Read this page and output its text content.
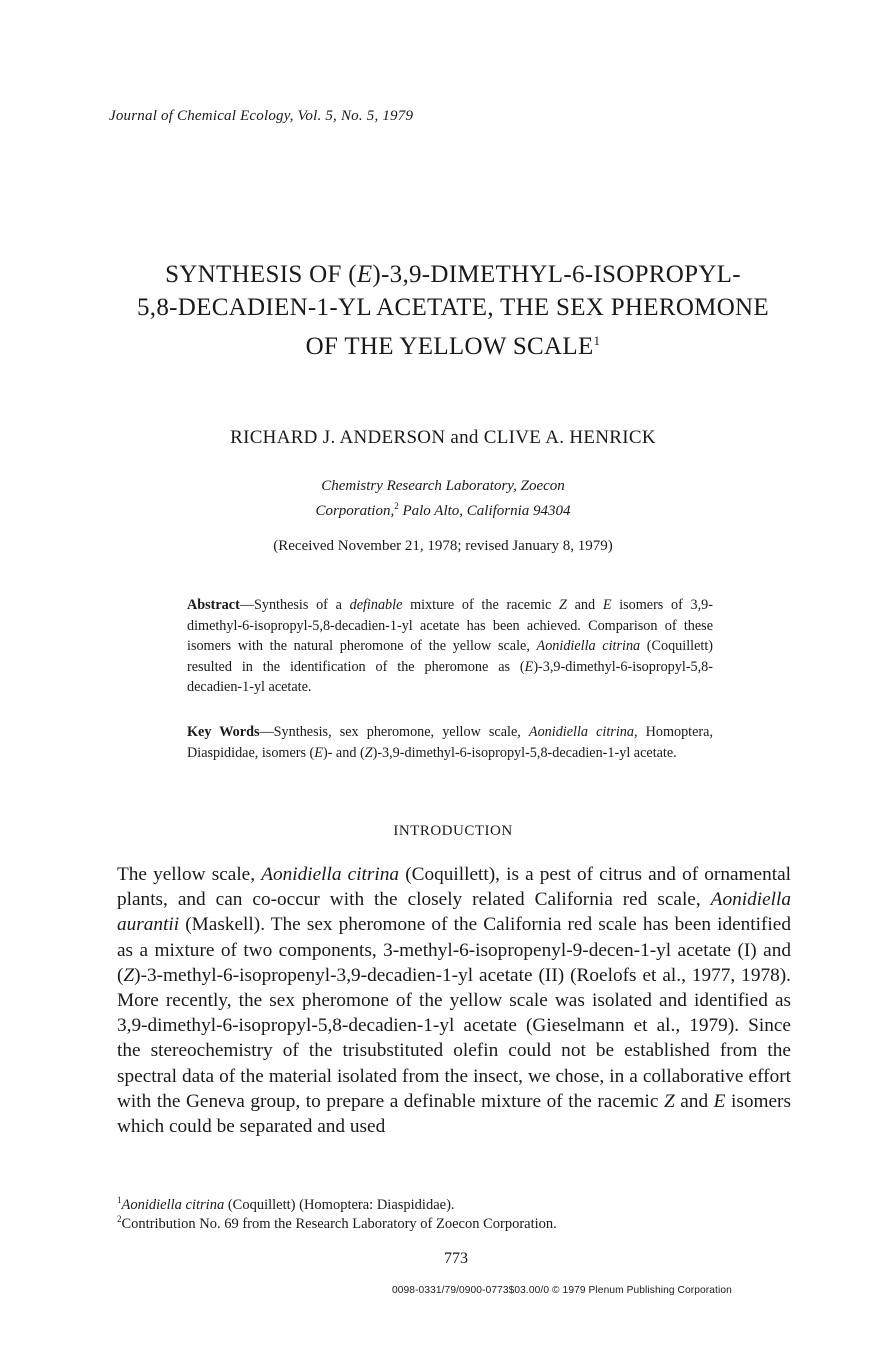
Journal of Chemical Ecology, Vol. 5, No. 5, 1979
SYNTHESIS OF (E)-3,9-DIMETHYL-6-ISOPROPYL-
5,8-DECADIEN-1-YL ACETATE, THE SEX PHEROMONE
OF THE YELLOW SCALE$^1$
RICHARD J. ANDERSON and CLIVE A. HENRICK
Chemistry Research Laboratory, Zoecon
Corporation,$^2$ Palo Alto, California 94304
(Received November 21, 1978; revised January 8, 1979)
Abstract—Synthesis of a definable mixture of the racemic Z and E isomers of 3,9-dimethyl-6-isopropyl-5,8-decadien-1-yl acetate has been achieved. Comparison of these isomers with the natural pheromone of the yellow scale, Aonidiella citrina (Coquillett) resulted in the identification of the pheromone as (E)-3,9-dimethyl-6-isopropyl-5,8-decadien-1-yl acetate.
Key Words—Synthesis, sex pheromone, yellow scale, Aonidiella citrina, Homoptera, Diaspididae, isomers (E)- and (Z)-3,9-dimethyl-6-isopropyl-5,8-decadien-1-yl acetate.
INTRODUCTION
The yellow scale, Aonidiella citrina (Coquillett), is a pest of citrus and of ornamental plants, and can co-occur with the closely related California red scale, Aonidiella aurantii (Maskell). The sex pheromone of the California red scale has been identified as a mixture of two components, 3-methyl-6-isopropenyl-9-decen-1-yl acetate (I) and (Z)-3-methyl-6-isopropenyl-3,9-decadien-1-yl acetate (II) (Roelofs et al., 1977, 1978). More recently, the sex pheromone of the yellow scale was isolated and identified as 3,9-dimethyl-6-isopropyl-5,8-decadien-1-yl acetate (Gieselmann et al., 1979). Since the stereochemistry of the trisubstituted olefin could not be established from the spectral data of the material isolated from the insect, we chose, in a collaborative effort with the Geneva group, to prepare a definable mixture of the racemic Z and E isomers which could be separated and used
$^1$Aonidiella citrina (Coquillett) (Homoptera: Diaspididae).
$^2$Contribution No. 69 from the Research Laboratory of Zoecon Corporation.
773
0098-0331/79/0900-0773$03.00/0 © 1979 Plenum Publishing Corporation
